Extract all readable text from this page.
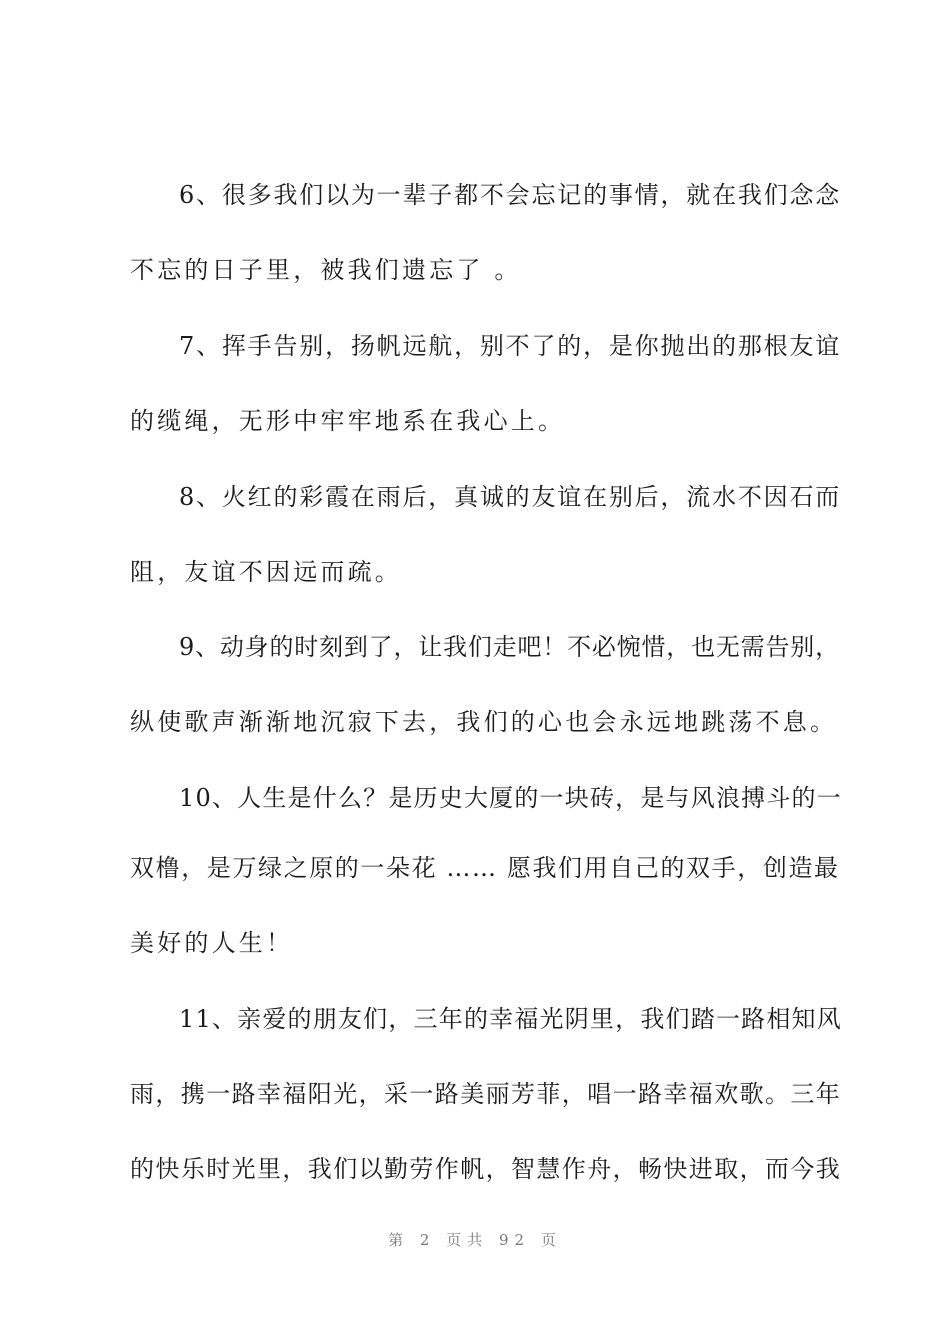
6、很多我们以为一辈子都不会忘记的事情，就在我们念念
不忘的日子里，被我们遗忘了 。
7、挥手告别，扬帆远航，别不了的，是你抛出的那根友谊
的缆绳，无形中牢牢地系在我心上。
8、火红的彩霞在雨后，真诚的友谊在别后，流水不因石而
阻，友谊不因远而疏。
9、动身的时刻到了，让我们走吧！不必惋惜，也无需告别，
纵使歌声渐渐地沉寂下去，我们的心也会永远地跳荡不息。
10、人生是什么？是历史大厦的一块砖，是与风浪搏斗的一
双橹，是万绿之原的一朵花 …… 愿我们用自己的双手，创造最
美好的人生！
11、亲爱的朋友们，三年的幸福光阴里，我们踏一路相知风
雨，携一路幸福阳光，采一路美丽芳菲，唱一路幸福欢歌。三年
的快乐时光里，我们以勤劳作帆，智慧作舟，畅快进取，而今我
第 2 页共 92 页
